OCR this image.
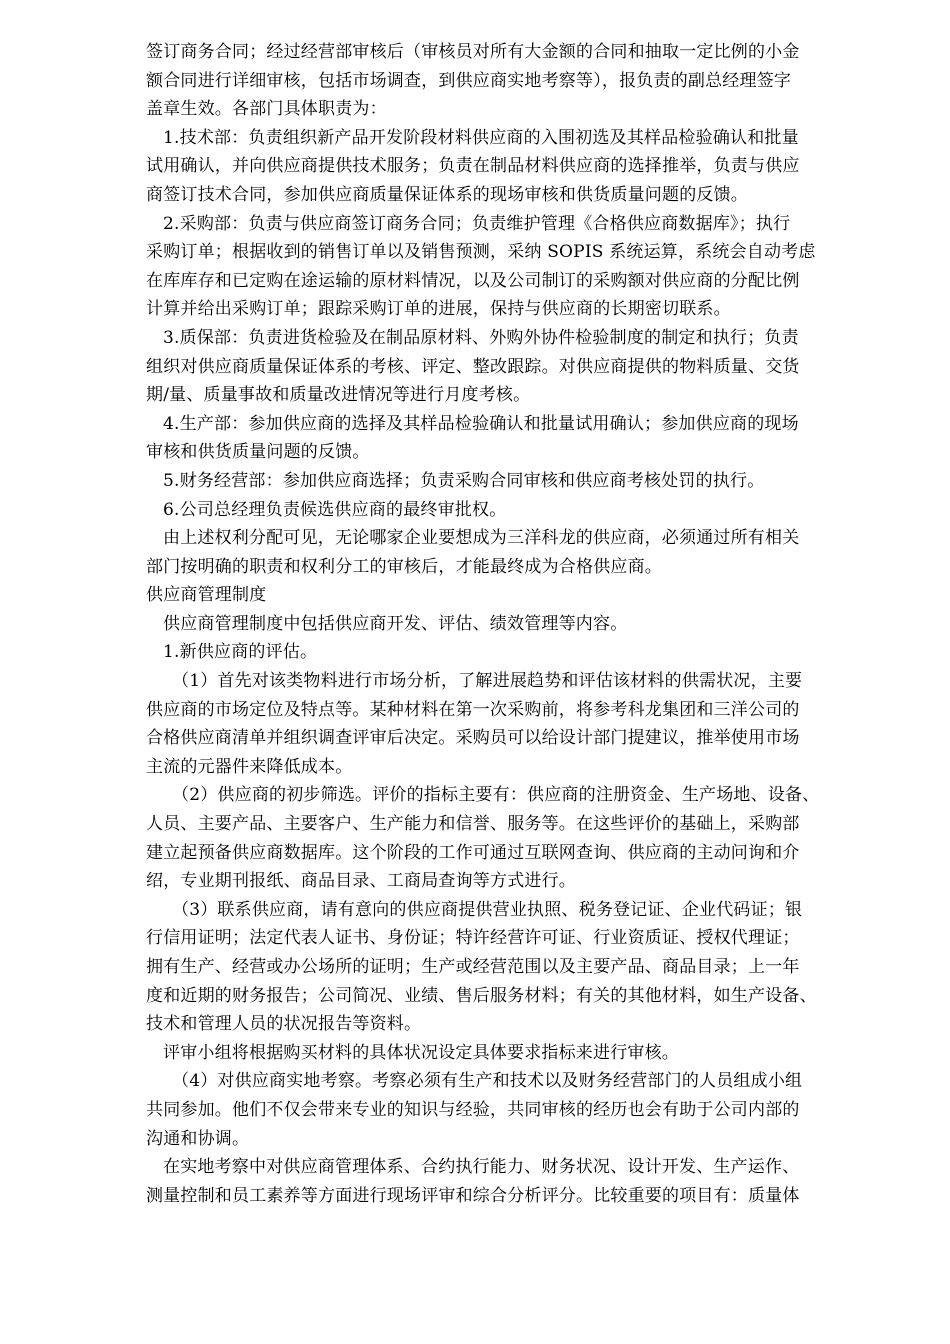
签订商务合同；经过经营部审核后（审核员对所有大金额的合同和抽取一定比例的小金
额合同进行详细审核，包括市场调查，到供应商实地考察等），报负责的副总经理签字
盖章生效。各部门具体职责为：
1.技术部：负责组织新产品开发阶段材料供应商的入围初选及其样品检验确认和批量
试用确认，并向供应商提供技术服务；负责在制品材料供应商的选择推举，负责与供应
商签订技术合同，参加供应商质量保证体系的现场审核和供货质量问题的反馈。
2.采购部：负责与供应商签订商务合同；负责维护管理《合格供应商数据库》；执行
采购订单；根据收到的销售订单以及销售预测，采纳 SOPIS 系统运算，系统会自动考虑
在库库存和已定购在途运输的原材料情况，以及公司制订的采购额对供应商的分配比例
计算并给出采购订单；跟踪采购订单的进展，保持与供应商的长期密切联系。
3.质保部：负责进货检验及在制品原材料、外购外协件检验制度的制定和执行；负责
组织对供应商质量保证体系的考核、评定、整改跟踪。对供应商提供的物料质量、交货
期/量、质量事故和质量改进情况等进行月度考核。
4.生产部：参加供应商的选择及其样品检验确认和批量试用确认；参加供应商的现场
审核和供货质量问题的反馈。
5.财务经营部：参加供应商选择；负责采购合同审核和供应商考核处罚的执行。
6.公司总经理负责候选供应商的最终审批权。
由上述权利分配可见，无论哪家企业要想成为三洋科龙的供应商，必须通过所有相关
部门按明确的职责和权利分工的审核后，才能最终成为合格供应商。
供应商管理制度
供应商管理制度中包括供应商开发、评估、绩效管理等内容。
1.新供应商的评估。
（1）首先对该类物料进行市场分析，了解进展趋势和评估该材料的供需状况，主要
供应商的市场定位及特点等。某种材料在第一次采购前，将参考科龙集团和三洋公司的
合格供应商清单并组织调查评审后决定。采购员可以给设计部门提建议，推举使用市场
主流的元器件来降低成本。
（2）供应商的初步筛选。评价的指标主要有：供应商的注册资金、生产场地、设备、
人员、主要产品、主要客户、生产能力和信誉、服务等。在这些评价的基础上，采购部
建立起预备供应商数据库。这个阶段的工作可通过互联网查询、供应商的主动问询和介
绍，专业期刊报纸、商品目录、工商局查询等方式进行。
（3）联系供应商，请有意向的供应商提供营业执照、税务登记证、企业代码证；银
行信用证明；法定代表人证书、身份证；特许经营许可证、行业资质证、授权代理证；
拥有生产、经营或办公场所的证明；生产或经营范围以及主要产品、商品目录；上一年
度和近期的财务报告；公司简况、业绩、售后服务材料；有关的其他材料，如生产设备、
技术和管理人员的状况报告等资料。
评审小组将根据购买材料的具体状况设定具体要求指标来进行审核。
（4）对供应商实地考察。考察必须有生产和技术以及财务经营部门的人员组成小组
共同参加。他们不仅会带来专业的知识与经验，共同审核的经历也会有助于公司内部的
沟通和协调。
在实地考察中对供应商管理体系、合约执行能力、财务状况、设计开发、生产运作、
测量控制和员工素养等方面进行现场评审和综合分析评分。比较重要的项目有：质量体
